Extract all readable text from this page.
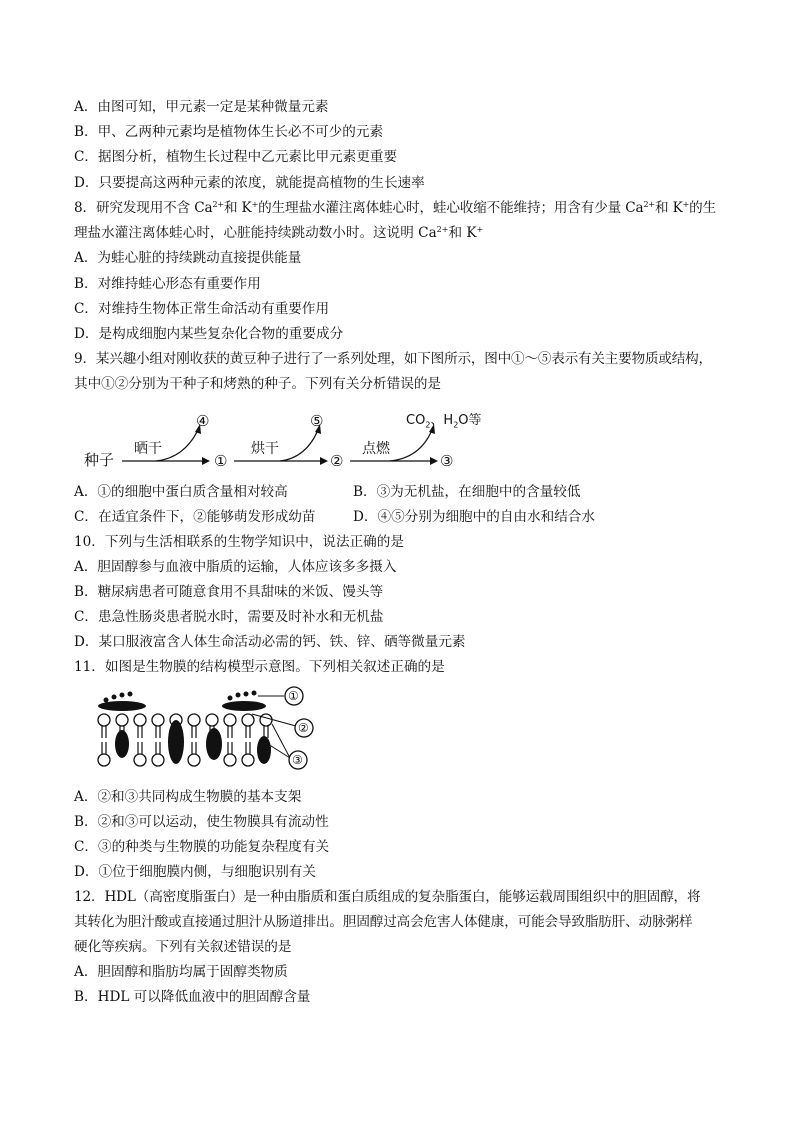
A．由图可知，甲元素一定是某种微量元素
B．甲、乙两种元素均是植物体生长必不可少的元素
C．据图分析，植物生长过程中乙元素比甲元素更重要
D．只要提高这两种元素的浓度，就能提高植物的生长速率
8．研究发现用不含 $Ca^{2+}$和 K+的生理盐水灌注离体蛙心时，蛙心收缩不能维持；用含有少量 $Ca^{2+}$和 K+的生
理盐水灌注离体蛙心时，心脏能持续跳动数小时。这说明 $Ca^{2+}$和 K+
A．为蛙心脏的持续跳动直接提供能量
B．对维持蛙心形态有重要作用
C．对维持生物体正常生命活动有重要作用
D．是构成细胞内某些复杂化合物的重要成分
9．某兴趣小组对刚收获的黄豆种子进行了一系列处理，如下图所示，图中①～⑤表示有关主要物质或结构，
其中①②分别为干种子和烤熟的种子。下列有关分析错误的是
种子
晒干	烘干	点燃
①	②	③
④	⑤	$CO_2$、$H_2O$等
A．①的细胞中蛋白质含量相对较高	B．③为无机盐，在细胞中的含量较低
C．在适宜条件下，②能够萌发形成幼苗	D．④⑤分别为细胞中的自由水和结合水
10．下列与生活相联系的生物学知识中，说法正确的是
A．胆固醇参与血液中脂质的运输，人体应该多多摄入
B．糖尿病患者可随意食用不具甜味的米饭、馒头等
C．患急性肠炎患者脱水时，需要及时补水和无机盐
D．某口服液富含人体生命活动必需的钙、铁、锌、硒等微量元素
11．如图是生物膜的结构模型示意图。下列相关叙述正确的是
①
②
③
A．②和③共同构成生物膜的基本支架
B．②和③可以运动，使生物膜具有流动性
C．③的种类与生物膜的功能复杂程度有关
D．①位于细胞膜内侧，与细胞识别有关
12．HDL（高密度脂蛋白）是一种由脂质和蛋白质组成的复杂脂蛋白，能够运载周围组织中的胆固醇，将
其转化为胆汁酸或直接通过胆汁从肠道排出。胆固醇过高会危害人体健康，可能会导致脂肪肝、动脉粥样
硬化等疾病。下列有关叙述错误的是
A．胆固醇和脂肪均属于固醇类物质
B．HDL 可以降低血液中的胆固醇含量
